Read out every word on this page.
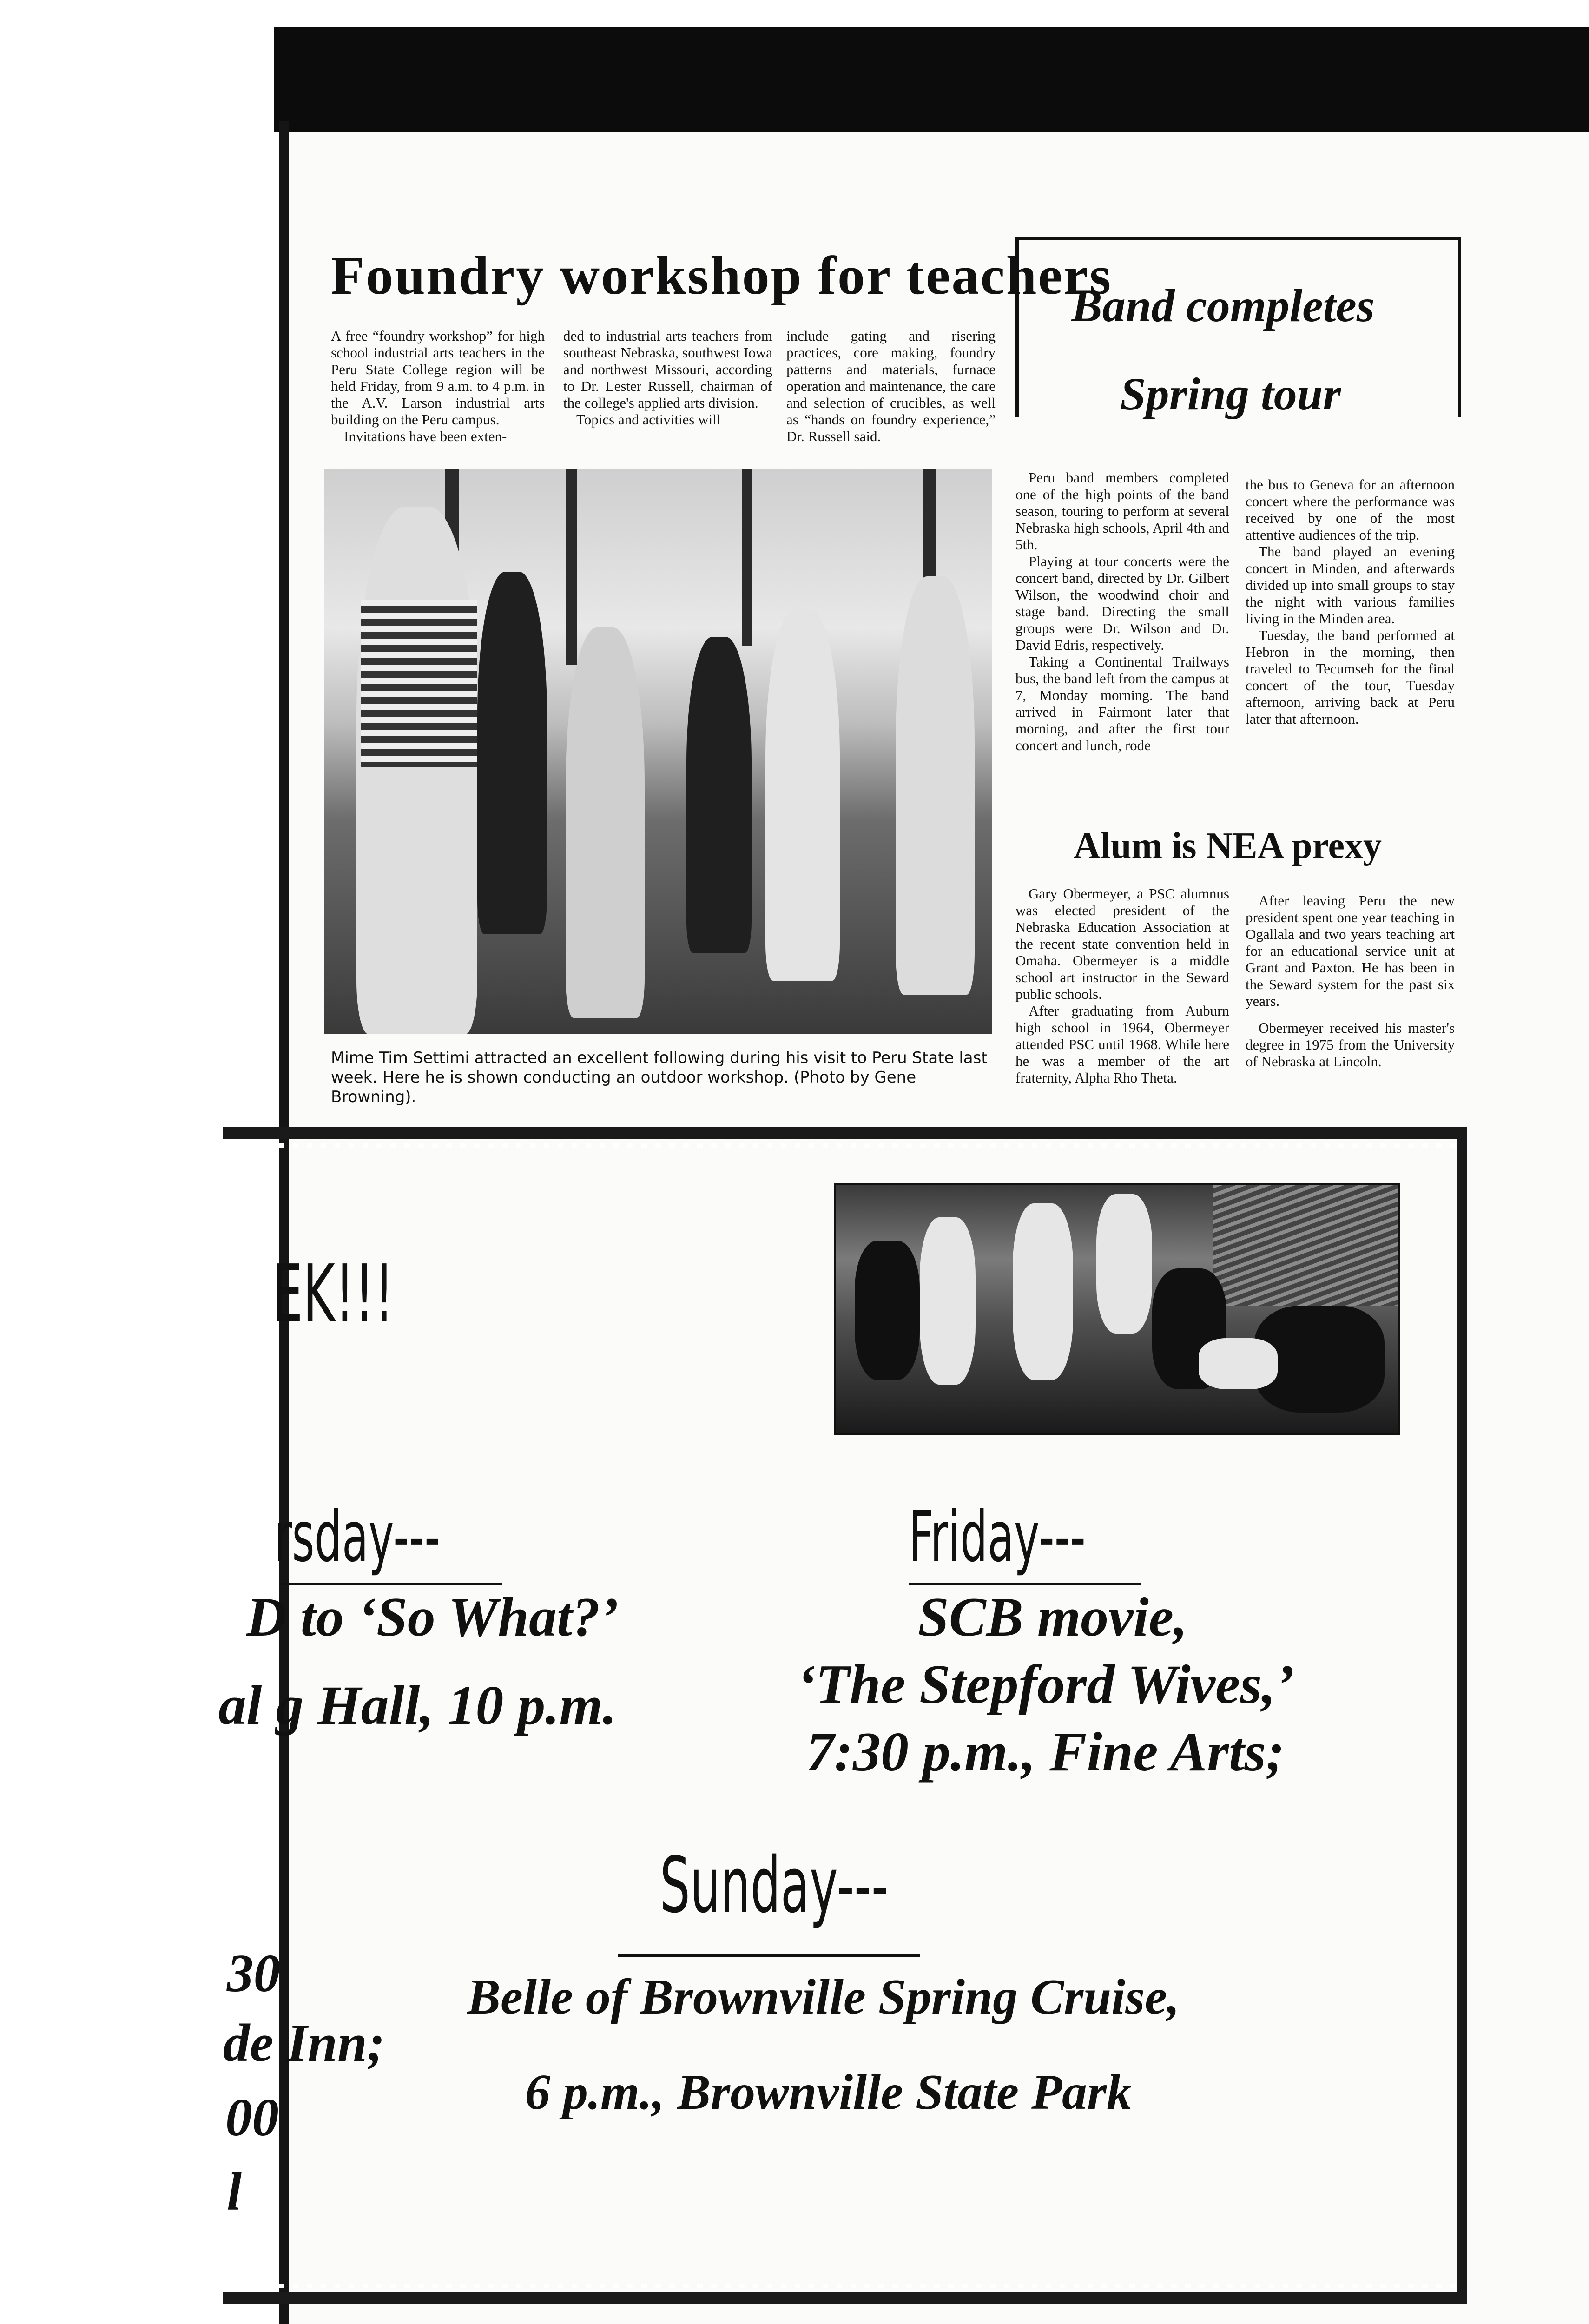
Foundry workshop for teachers

A free “foundry workshop” for high school industrial arts teachers in the Peru State College region will be held Friday, from 9 a.m. to 4 p.m. in the A.V. Larson industrial arts building on the Peru campus.

Invitations have been exten-

ded to industrial arts teachers from southeast Nebraska, southwest Iowa and northwest Missouri, according to Dr. Lester Russell, chairman of the college's applied arts division.

Topics and activities will

include gating and risering practices, core making, foundry patterns and materials, furnace operation and maintenance, the care and selection of crucibles, as well as “hands on foundry experience,” Dr. Russell said.

Mime Tim Settimi attracted an excellent following during his visit to Peru State last week. Here he is shown conducting an outdoor workshop. (Photo by Gene Browning).
Band completes
Spring tour

Peru band members completed one of the high points of the band season, touring to perform at several Nebraska high schools, April 4th and 5th.

Playing at tour concerts were the concert band, directed by Dr. Gilbert Wilson, the woodwind choir and stage band. Directing the small groups were Dr. Wilson and Dr. David Edris, respectively.

Taking a Continental Trailways bus, the band left from the campus at 7, Monday morning. The band arrived in Fairmont later that morning, and after the first tour concert and lunch, rode

the bus to Geneva for an afternoon concert where the performance was received by one of the most attentive audiences of the trip.

The band played an evening concert in Minden, and afterwards divided up into small groups to stay the night with various families living in the Minden area.

Tuesday, the band performed at Hebron in the morning, then traveled to Tecumseh for the final concert of the tour, Tuesday afternoon, arriving back at Peru later that afternoon.

Alum is NEA prexy

Gary Obermeyer, a PSC alumnus was elected president of the Nebraska Education Association at the recent state convention held in Omaha. Obermeyer is a middle school art instructor in the Seward public schools.

After graduating from Auburn high school in 1964, Obermeyer attended PSC until 1968. While here he was a member of the art fraternity, Alpha Rho Theta.

After leaving Peru the new president spent one year teaching in Ogallala and two years teaching art for an educational service unit at Grant and Paxton. He has been in the Seward system for the past six years.

Obermeyer received his master's degree in 1975 from the University of Nebraska at Lincoln.

EK!!!
rsday---
D to ‘So What?’
al g Hall, 10 p.m.
Friday---
SCB movie,
‘The Stepford Wives,’
7:30 p.m., Fine Arts;
Sunday---
Belle of Brownville Spring Cruise,
6 p.m., Brownville State Park
30
de Inn;
00
l
